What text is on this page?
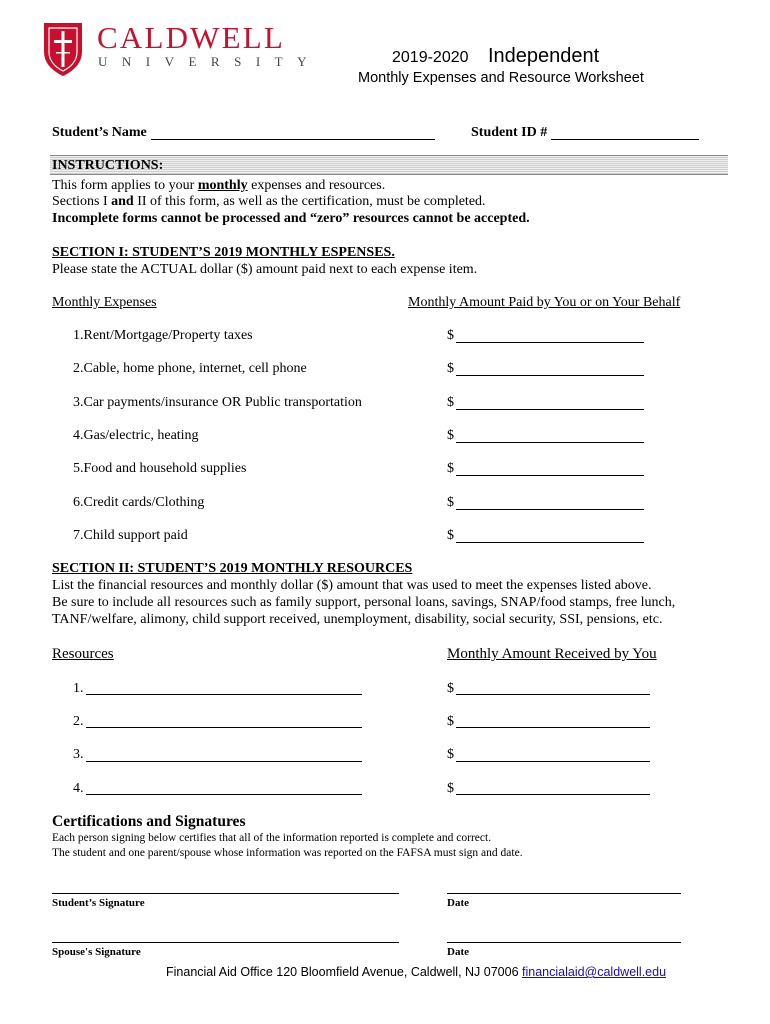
CALDWELL
UNIVERSITY	2019-2020 Independent
Monthly Expenses and Resource Worksheet
Student’s Name	Student ID #
INSTRUCTIONS:
This form applies to your monthly expenses and resources.
Sections I and II of this form, as well as the certification, must be completed.
Incomplete forms cannot be processed and “zero” resources cannot be accepted.
SECTION I: STUDENT’S 2019 MONTHLY ESPENSES.
Please state the ACTUAL dollar ($) amount paid next to each expense item.
Monthly Expenses	Monthly Amount Paid by You or on Your Behalf
1.Rent/Mortgage/Property taxes	$
2.Cable, home phone, internet, cell phone	$
3.Car payments/insurance OR Public transportation	$
4.Gas/electric, heating	$
5.Food and household supplies	$
6.Credit cards/Clothing	$
7.Child support paid	$
SECTION II: STUDENT’S 2019 MONTHLY RESOURCES
List the financial resources and monthly dollar ($) amount that was used to meet the expenses listed above.
Be sure to include all resources such as family support, personal loans, savings, SNAP/food stamps, free lunch,
TANF/welfare, alimony, child support received, unemployment, disability, social security, SSI, pensions, etc.
Resources	Monthly Amount Received by You
1.	$
2.	$
3.	$
4.	$
Certifications and Signatures
Each person signing below certifies that all of the information reported is complete and correct.
The student and one parent/spouse whose information was reported on the FAFSA must sign and date.
Student’s Signature	Date
Spouse's Signature	Date
Financial Aid Office 120 Bloomfield Avenue, Caldwell, NJ 07006 financialaid@caldwell.edu
